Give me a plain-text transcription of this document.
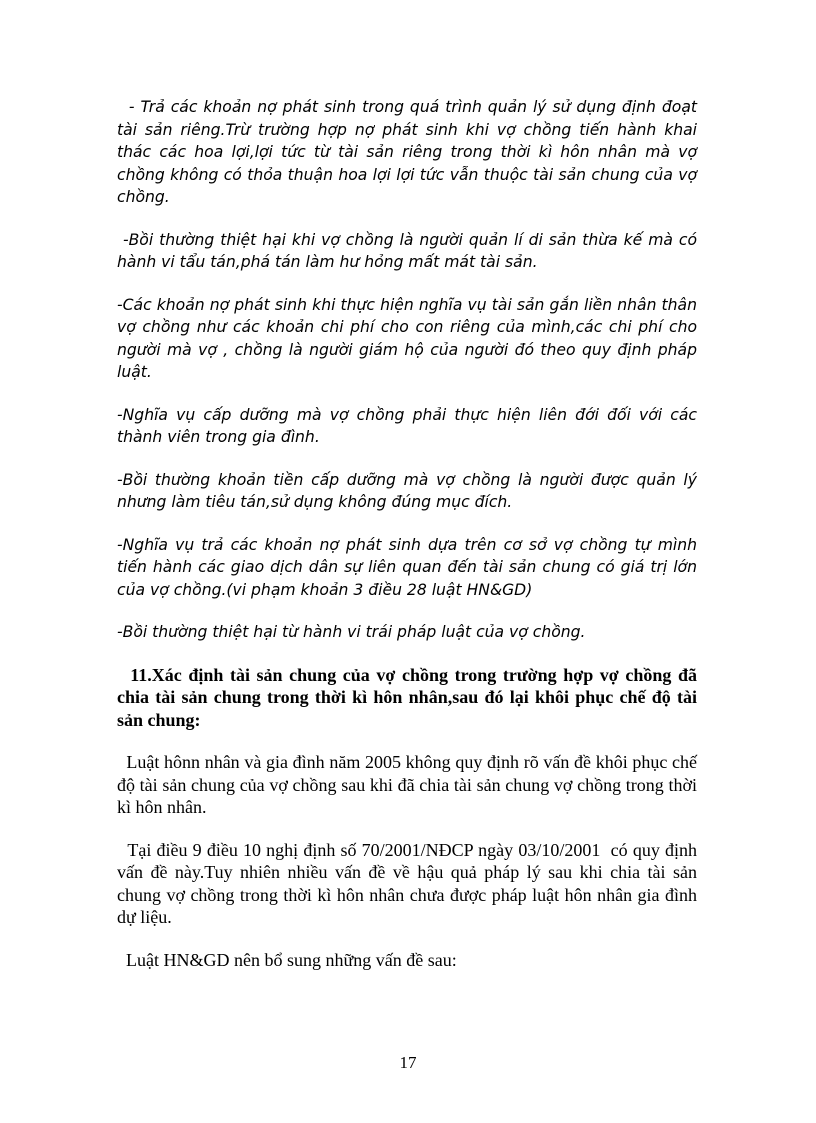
- Trả các khoản nợ phát sinh trong quá trình quản lý sử dụng định đoạt tài sản riêng.Trừ trường hợp nợ phát sinh khi vợ chồng tiến hành khai thác các hoa lợi,lợi tức từ tài sản riêng trong thời kì hôn nhân mà vợ chồng không có thỏa thuận hoa lợi lợi tức vẫn thuộc tài sản chung của vợ chồng.

-Bồi thường thiệt hại khi vợ chồng là người quản lí di sản thừa kế mà có hành vi tẩu tán,phá tán làm hư hỏng mất mát tài sản.

-Các khoản nợ phát sinh khi thực hiện nghĩa vụ tài sản gắn liền nhân thân vợ chồng như các khoản chi phí cho con riêng của mình,các chi phí cho người mà vợ , chồng là người giám hộ của người đó theo quy định pháp luật.

-Nghĩa vụ cấp dưỡng mà vợ chồng phải thực hiện liên đới đối với các thành viên trong gia đình.

-Bồi thường khoản tiền cấp dưỡng mà vợ chồng là người được quản lý nhưng làm tiêu tán,sử dụng không đúng mục đích.

-Nghĩa vụ trả các khoản nợ phát sinh dựa trên cơ sở vợ chồng tự mình tiến hành các giao dịch dân sự liên quan đến tài sản chung có giá trị lớn của vợ chồng.(vi phạm khoản 3 điều 28 luật HN&GD)

-Bồi thường thiệt hại từ hành vi trái pháp luật của vợ chồng.

11.Xác định tài sản chung của vợ chồng trong trường hợp vợ chồng đã chia tài sản chung trong thời kì hôn nhân,sau đó lại khôi phục chế độ tài sản chung:

Luật hônn nhân và gia đình năm 2005 không quy định rõ vấn đề khôi phục chế độ tài sản chung của vợ chồng sau khi đã chia tài sản chung vợ chồng trong thời kì hôn nhân.

Tại điều 9 điều 10 nghị định số 70/2001/NĐCP ngày 03/10/2001  có quy định vấn đề này.Tuy nhiên nhiều vấn đề về hậu quả pháp lý sau khi chia tài sản chung vợ chồng trong thời kì hôn nhân chưa được pháp luật hôn nhân gia đình dự liệu.

Luật HN&GD nên bổ sung những vấn đề sau:

17
